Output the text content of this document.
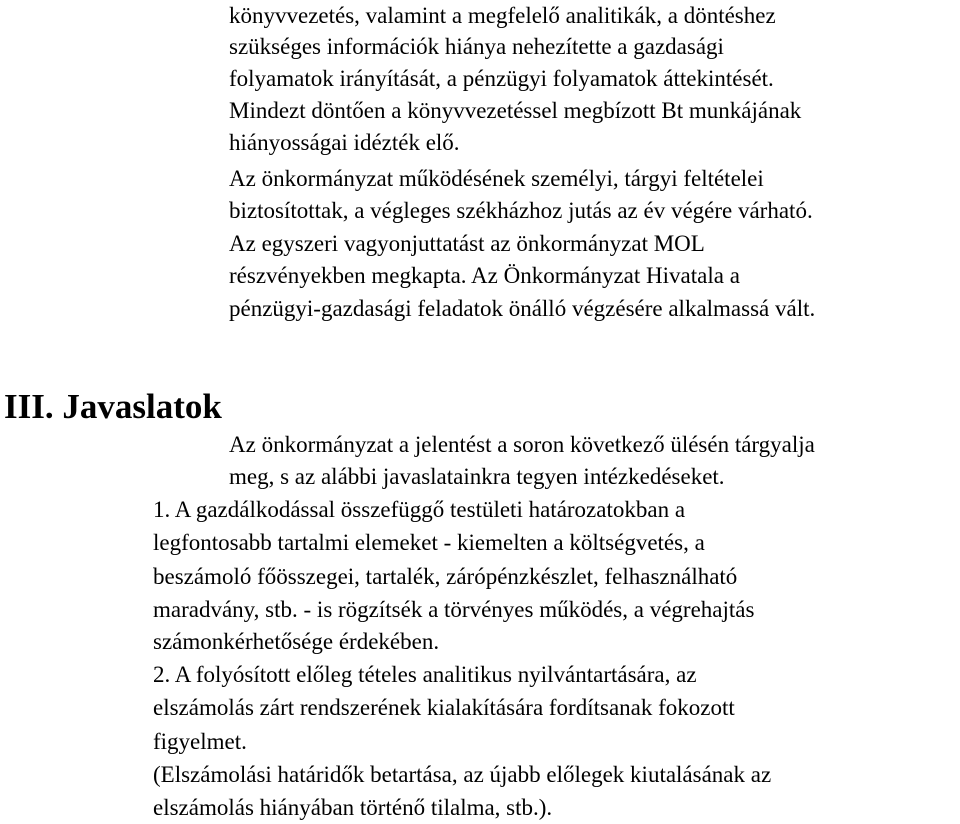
könyvvezetés, valamint a megfelelő analitikák, a döntéshez
szükséges információk hiánya nehezítette a gazdasági
folyamatok irányítását, a pénzügyi folyamatok áttekintését.
Mindezt döntően a könyvvezetéssel megbízott Bt munkájának
hiányosságai idézték elő.
Az önkormányzat működésének személyi, tárgyi feltételei
biztosítottak, a végleges székházhoz jutás az év végére várható.
Az egyszeri vagyonjuttatást az önkormányzat MOL
részvényekben megkapta. Az Önkormányzat Hivatala a
pénzügyi-gazdasági feladatok önálló végzésére alkalmassá vált.
III. Javaslatok
Az önkormányzat a jelentést a soron következő ülésén tárgyalja
meg, s az alábbi javaslatainkra tegyen intézkedéseket.
1. A gazdálkodással összefüggő testületi határozatokban a
legfontosabb tartalmi elemeket - kiemelten a költségvetés, a
beszámoló főösszegei, tartalék, zárópénzkészlet, felhasználható
maradvány, stb. - is rögzítsék a törvényes működés, a végrehajtás
számonkérhetősége érdekében.
2. A folyósított előleg tételes analitikus nyilvántartására, az
elszámolás zárt rendszerének kialakítására fordítsanak fokozott
figyelmet.
(Elszámolási határidők betartása, az újabb előlegek kiutalásának az
elszámolás hiányában történő tilalma, stb.).
